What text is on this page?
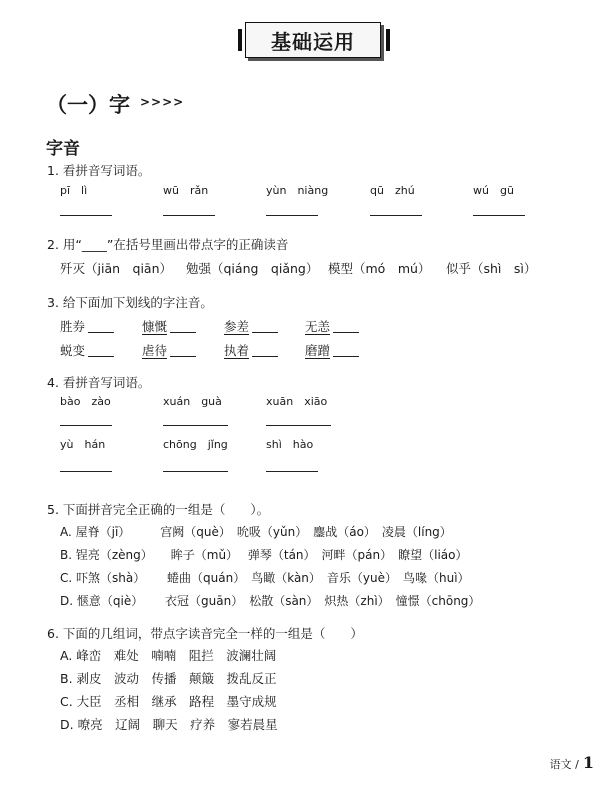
基础运用
（一）字 >>>>
字音
1. 看拼音写词语。
pī　lì	wū　rǎn	yùn　niàng	qū　zhú	wú　gū
2. 用“____”在括号里画出带点字的正确读音
歼灭（jiān　qiān） 勉强（qiáng　qiǎng） 模型（mó　mú） 似乎（shì　sì）
3. 给下面加下划线的字注音。
胜券	慷慨	参差	无恙
蜕变	虐待	执着	磨蹭
4. 看拼音写词语。
bào　zào	xuán　guà	xuān　xiāo
yù　hán	chōng　jǐng	shì　hào
5. 下面拼音完全正确的一组是（　　）。
A. 屋脊（jī）　　　宫阙（què）　吮吸（yǔn）　鏖战（áo）　凌晨（líng）
B. 锃亮（zèng）　　眸子（mǔ）　 弹琴（tán）　河畔（pán）　瞭望（liáo）
C. 吓煞（shà）　　 蜷曲（quán）　鸟瞰（kàn）　音乐（yuè）　鸟喙（huì）
D. 惬意（qiè）　　 衣冠（guān）　松散（sàn）　炽热（zhì）　憧憬（chōng）
6. 下面的几组词，带点字读音完全一样的一组是（　　）
A. 峰峦　难处　喃喃　阻拦　波澜壮阔
B. 剥皮　波动　传播　颠簸　拨乱反正
C. 大臣　丞相　继承　路程　墨守成规
D. 嘹亮　辽阔　聊天　疗养　寥若晨星
语文 / 1
